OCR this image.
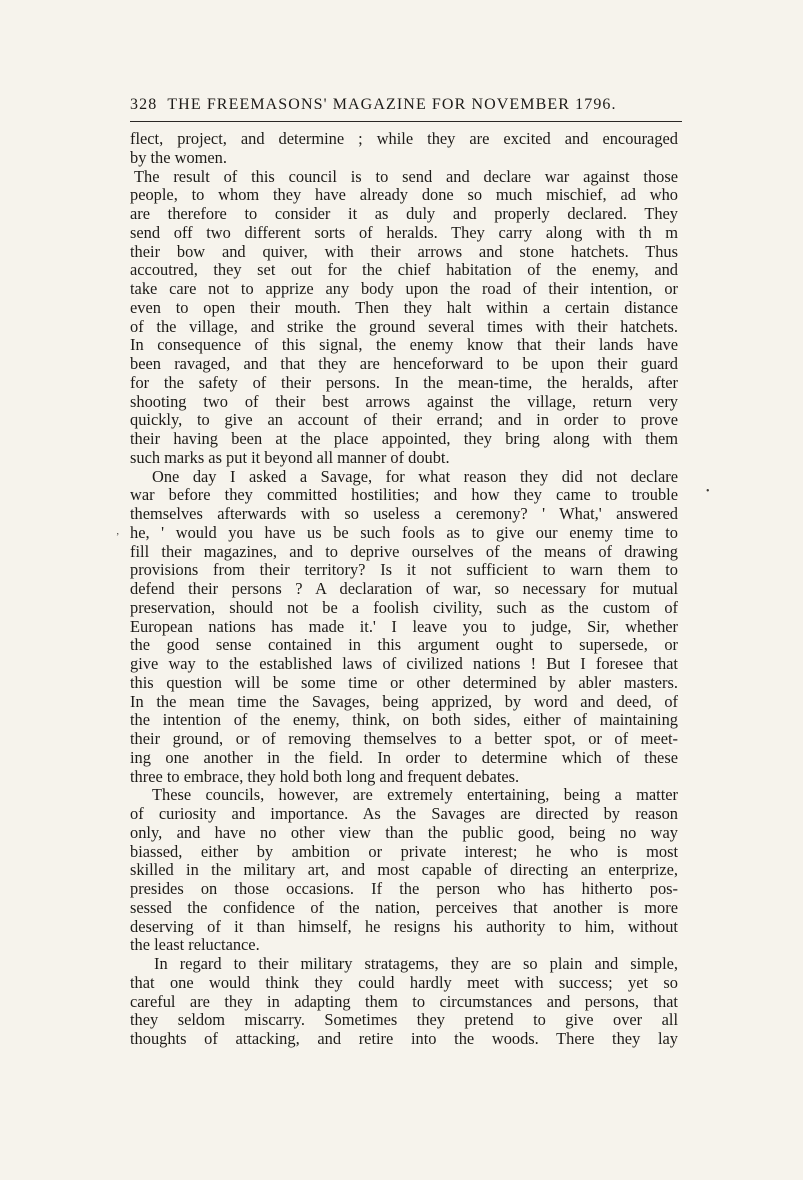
328 THE FREEMASONS' MAGAZINE FOR NOVEMBER 1796.
flect, project, and determine ; while they are excited and encouraged
by the women.
The result of this council is to send and declare war against those
people, to whom they have already done so much mischief, ad who
are therefore to consider it as duly and properly declared. They
send off two different sorts of heralds. They carry along with th m
their bow and quiver, with their arrows and stone hatchets. Thus
accoutred, they set out for the chief habitation of the enemy, and
take care not to apprize any body upon the road of their intention, or
even to open their mouth. Then they halt within a certain distance
of the village, and strike the ground several times with their hatchets.
In consequence of this signal, the enemy know that their lands have
been ravaged, and that they are henceforward to be upon their guard
for the safety of their persons. In the mean-time, the heralds, after
shooting two of their best arrows against the village, return very
quickly, to give an account of their errand; and in order to prove
their having been at the place appointed, they bring along with them
such marks as put it beyond all manner of doubt.
One day I asked a Savage, for what reason they did not declare
war before they committed hostilities; and how they came to trouble
themselves afterwards with so useless a ceremony? ' What,' answered
he, ' would you have us be such fools as to give our enemy time to
fill their magazines, and to deprive ourselves of the means of drawing
provisions from their territory? Is it not sufficient to warn them to
defend their persons ? A declaration of war, so necessary for mutual
preservation, should not be a foolish civility, such as the custom of
European nations has made it.' I leave you to judge, Sir, whether
the good sense contained in this argument ought to supersede, or
give way to the established laws of civilized nations ! But I foresee that
this question will be some time or other determined by abler masters.
In the mean time the Savages, being apprized, by word and deed, of
the intention of the enemy, think, on both sides, either of maintaining
their ground, or of removing themselves to a better spot, or of meet-
ing one another in the field. In order to determine which of these
three to embrace, they hold both long and frequent debates.
These councils, however, are extremely entertaining, being a matter
of curiosity and importance. As the Savages are directed by reason
only, and have no other view than the public good, being no way
biassed, either by ambition or private interest; he who is most
skilled in the military art, and most capable of directing an enterprize,
presides on those occasions. If the person who has hitherto pos-
sessed the confidence of the nation, perceives that another is more
deserving of it than himself, he resigns his authority to him, without
the least reluctance.
In regard to their military stratagems, they are so plain and simple,
that one would think they could hardly meet with success; yet so
careful are they in adapting them to circumstances and persons, that
they seldom miscarry. Sometimes they pretend to give over all
thoughts of attacking, and retire into the woods. There they lay
•
ʼ
